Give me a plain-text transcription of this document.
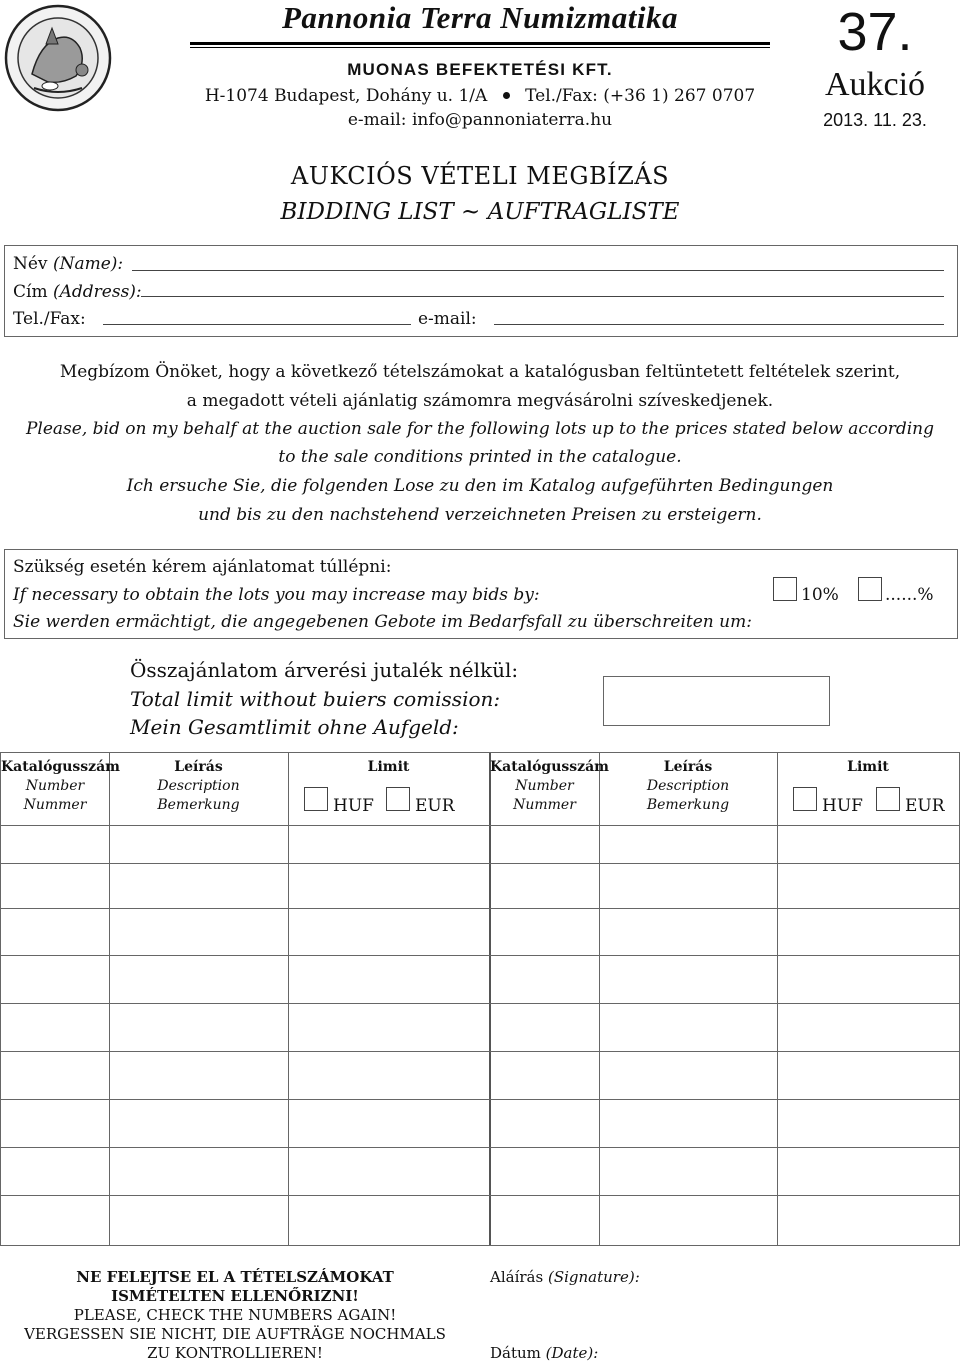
Pannonia Terra Numizmatika
MUONAS BEFEKTETÉSI KFT.
H-1074 Budapest, Dohány u. 1/A Tel./Fax: (+36 1) 267 0707
e-mail: info@pannoniaterra.hu
37.
Aukció
2013. 11. 23.
AUKCIÓS VÉTELI MEGBÍZÁS
BIDDING LIST ~ AUFTRAGLISTE
Név (Name):
Cím (Address):
Tel./Fax:	e-mail:
Megbízom Önöket, hogy a következő tételszámokat a katalógusban feltüntetett feltételek szerint,
a megadott vételi ajánlatig számomra megvásárolni szíveskedjenek.
Please, bid on my behalf at the auction sale for the following lots up to the prices stated below according
to the sale conditions printed in the catalogue.
Ich ersuche Sie, die folgenden Lose zu den im Katalog aufgeführten Bedingungen
und bis zu den nachstehend verzeichneten Preisen zu ersteigern.
Szükség esetén kérem ajánlatomat túllépni:
If necessary to obtain the lots you may increase may bids by:
Sie werden ermächtigt, die angegebenen Gebote im Bedarfsfall zu überschreiten um:
10%	......%
Összajánlatom árverési jutalék nélkül:
Total limit without buiers comission:
Mein Gesamtlimit ohne Aufgeld:
Katalógusszám
Number
Nummer
Leírás
Description
Bemerkung
Limit
HUF EUR
Katalógusszám
Number
Nummer
Leírás
Description
Bemerkung
Limit
HUF EUR
NE FELEJTSE EL A TÉTELSZÁMOKAT
ISMÉTELTEN ELLENŐRIZNI!
PLEASE, CHECK THE NUMBERS AGAIN!
VERGESSEN SIE NICHT, DIE AUFTRÄGE NOCHMALS
ZU KONTROLLIEREN!
Aláírás (Signature):
Dátum (Date):
